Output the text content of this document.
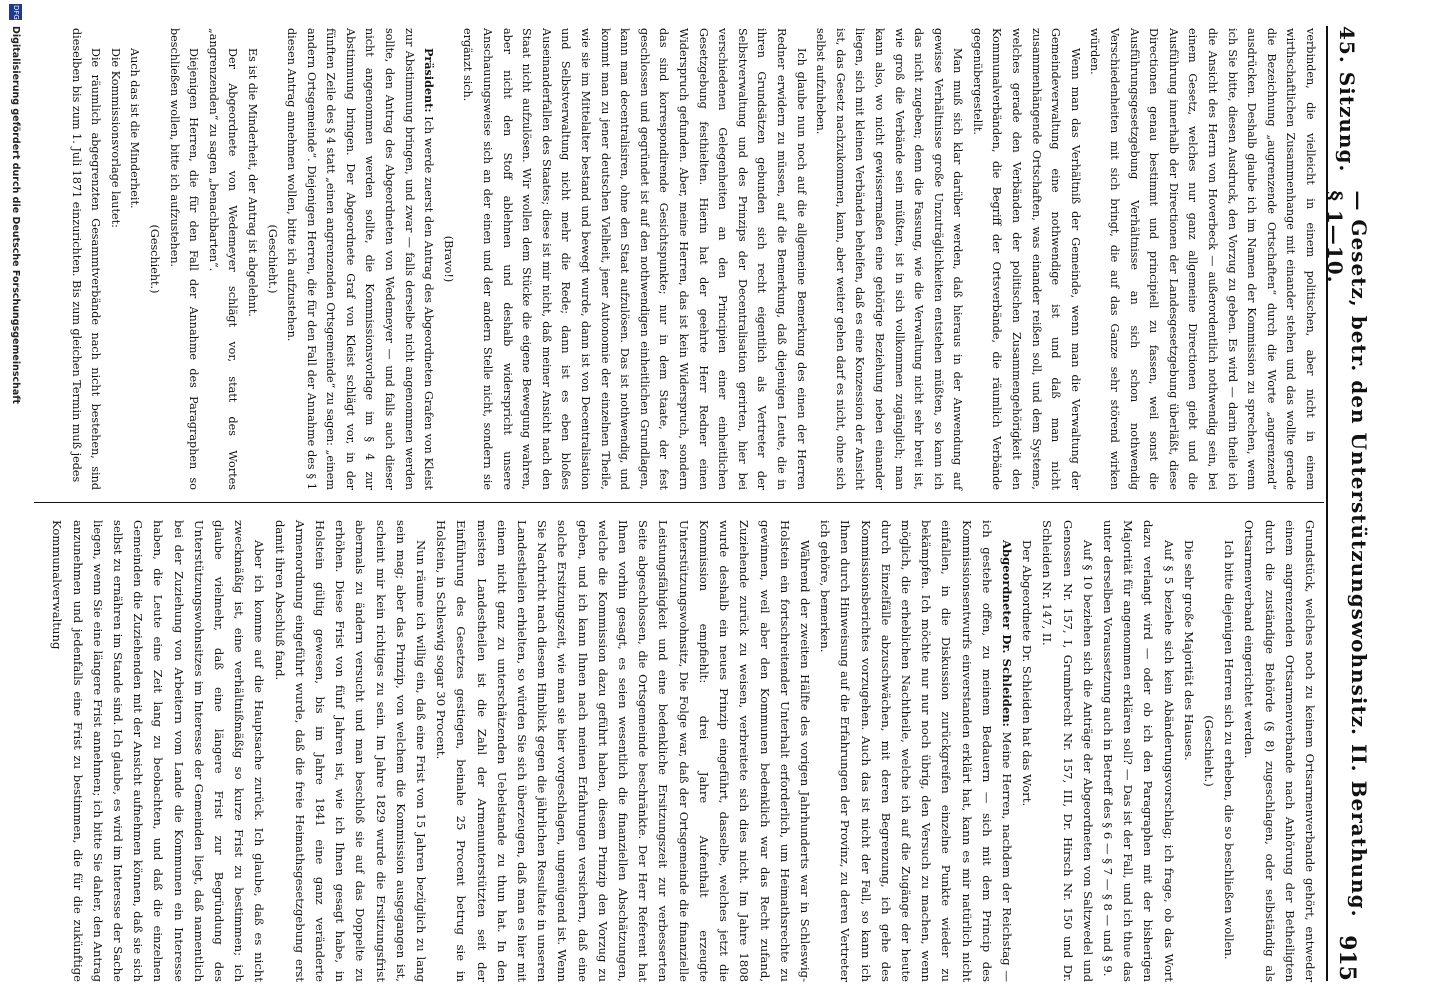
45. Sitzung.
— Gesetz, betr. den Unterstützungswohnsitz. II. Berathung. § 1—10.
915

verbinden, die vielleicht in einem politischen, aber nicht in einem wirthschaftlichen Zusammenhange mit einander stehen und das wollte gerade die Bezeichnung „augrenzende Ortschaften“ durch die Worte „angrenzend“ ausdrücken. Deshalb glaube ich im Namen der Kommission zu sprechen, wenn ich Sie bitte, diesen Ausdruck, den Vorzug zu geben. Es wird — darin theile ich die Ansicht des Herrn von Hoverbeck — außerordentlich nothwendig sein, bei einem Gesetz, welches nur ganz allgemeine Directionen giebt und die Ausführung innerhalb der Directionen der Landesgesetzgebung überläßt, diese Directionen genau bestimmt und principiell zu fassen, weil sonst die Ausführungsgesetzgebung Verhältnisse an sich schon nothwendig Verschiedenheiten mit sich bringt, die auf das Ganze sehr störend wirken würden.

Wenn man das Verhältniß der Gemeinde, wenn man die Verwaltung der Gemeindeverwaltung eine nothwendige ist und daß man nicht zusammenhängende Ortschaften, was einander reißen soll, und dem Systeme, welches gerade den Verbänden der politischen Zusammengehörigkeit den Kommunalverbänden, die Begriff der Ortsverbände, die räumlich Verbände gegenübergestellt.

Man muß sich klar darüber werden, daß hieraus in der Anwendung auf gewisse Verhältnisse große Unzuträglichkeiten entstehen müßten, so kann ich das nicht zugeben; denn die Fassung, wie die Verwaltung nicht sehr breit ist, wie groß die Verbände sein müßten, ist in sich vollkommen zugänglich; man kann also, wo nicht gewissermaßen eine gehörige Beziehung neben einander liegen, sich mit kleinen Verbänden behelfen, daß es eine Konzession der Ansicht ist, das Gesetz nachzukommen, kann, aber weiter gehen darf es nicht, ohne sich selbst aufzuheben.

Ich glaube nun noch auf die allgemeine Bemerkung des einen der Herren Redner erwidern zu müssen, auf die Bemerkung, daß diejenigen Leute, die in ihren Grundsätzen gebunden sich recht eigentlich als Vertreter der Selbstverwaltung und des Prinzips der Decentralisation gerirten, hier bei verschiedenen Gelegenheiten an den Principien einer einheitlichen Gesetzgebung festhielten. Hierin hat der geehrte Herr Redner einen Widerspruch gefunden. Aber, meine Herren, das ist kein Widerspruch, sondern das sind korrespondirende Gesichtspunkte; nur in dem Staate, der fest geschlossen und gegründet ist auf den nothwendigen einheitlichen Grundlagen, kann man decentralisiren, ohne den Staat aufzulösen. Das ist nothwendig, und kommt man zu jener deutschen Vielheit, jener Autonomie der einzelnen Theile, wie sie im Mittelalter bestand und bewegt wurde, dann ist von Decentralisation und Selbstverwaltung nicht mehr die Rede; dann ist es eben bloßes Auseinanderfallen des Staates; diese ist mir nicht, daß meiner Ansicht nach den Staat nicht aufzulösen. Wir wollen dem Stücke die eigene Bewegung wahren, aber nicht den Stoff ablehnen und deshalb widerspricht unsere Anschauungsweise sich an der einen und der andern Stelle nicht, sondern sie ergänzt sich.

(Bravo!)

Präsident: Ich werde zuerst den Antrag des Abgeordneten Grafen von Kleist zur Abstimmung bringen, und zwar — falls derselbe nicht angenommen werden sollte, den Antrag des Abgeordneten von Wedemeyer — und falls auch dieser nicht angenommen werden sollte, die Kommissionsvorlage im § 4 zur Abstimmung bringen. Der Abgeordnete Graf von Kleist schlägt vor, in der fünften Zeile des § 4 statt „einen angrenzenden Ortsgemeinde“ zu sagen: „einem andern Ortsgemeinde“. Diejenigen Herren, die für den Fall der Annahme des § 1 diesen Antrag annehmen wollen, bitte ich aufzustehen.

(Geschieht.)

Es ist die Minderheit, der Antrag ist abgelehnt.

Der Abgeordnete von Wedemeyer schlägt vor, statt des Wortes „angrenzenden“ zu sagen „benachbarten“.

Diejenigen Herren, die für den Fall der Annahme des Paragraphen so beschließen wollen, bitte ich aufzustehen.

(Geschieht.)

Auch das ist die Minderheit.

Die Kommissionsvorlage lautet:

Die räumlich abgegrenzten Gesammtverbände nach nicht bestehen, sind dieselben bis zum 1. Juli 1871 einzurichten. Bis zum gleichen Termin muß jedes

Grundstück, welches noch zu keinem Ortsarmenverbande gehört, entweder einem angrenzenden Ortsarmenverbande nach Anhörung der Betheiligten durch die zuständige Behörde (§ 8) zugeschlagen, oder selbständig als Ortsarmenverband eingerichtet werden.

Ich bitte diejenigen Herren sich zu erheben, die so beschließen wollen.

(Geschieht.)

Die sehr große Majorität des Hauses.

Auf § 5 beziehe sich kein Abänderungsvorschlag; ich frage, ob das Wort dazu verlangt wird — oder ob ich den Paragraphen mit der bisherigen Majorität für angenommen erklären soll? — Das ist der Fall, und ich thue das unter derselben Voraussetzung auch in Betreff des § 6 — § 7 — § 8 — und § 9.

Auf § 10 beziehen sich die Anträge der Abgeordneten von Saltzwedel und Genossen Nr. 157, I, Grumbrecht Nr. 157, III, Dr. Hirsch Nr. 150 und Dr. Schleiden Nr. 147, II.

Der Abgeordnete Dr. Schleiden hat das Wort.

Abgeordneter Dr. Schleiden: Meine Herren, nachdem der Reichstag — ich gestehe offen, zu meinem Bedauern — sich mit dem Princip des Kommissionsentwurfs einverstanden erklärt hat, kann es mir natürlich nicht einfallen, in die Diskussion zurückgreifen einzelne Punkte wieder zu bekämpfen. Ich möchte nur nur noch übrig, den Versuch zu machen, wenn möglich, die erheblichen Nachtheile, welche ich auf die Zugänge der heute durch Einzelfälle abzuschwächen, mit deren Begrenzung, ich gehe des Kommissionsberichtes vorzugehen. Auch das ist nicht der Fall, so kann ich Ihnen durch Hinweisung auf die Erfahrungen der Provinz, zu deren Vertreter ich gehöre, bemerken.

Während der zweiten Hälfte des vorigen Jahrhunderts war in Schleswig-Holstein ein fortschreitender Unterhalt erforderlich, um Heimathsrechte zu gewinnen, weil aber den Kommunen bedenklich war das Recht zufand, Zuziehende zurück zu weisen, verbreitete sich dies nicht. Im Jahre 1808 wurde deshalb ein neues Prinzip eingeführt, dasselbe, welches jetzt die Kommission empfiehlt: drei Jahre Aufenthalt erzeugte Unterstützungswohnsitz, Die Folge war, daß der Ortsgemeinde die finanzielle Leistungsfähigkeit und eine bedenkliche Ersitzungszeit zur verbesserten Seite abgeschlossen, die Ortsgemeinde beschränkte. Der Herr Referent hat Ihnen vorhin gesagt, es seien wesentlich die finanziellen Abschätzungen, welche die Kommission dazu geführt haben, diesem Prinzip den Vorzug zu geben, und ich kann Ihnen nach meinen Erfahrungen versichern, daß eine solche Ersitzungszeit, wie man sie hier vorgeschlagen, ungenügend ist. Wenn Sie Nachricht nach diesem Hinblick gegen die jährlichen Resultate in unseren Landestheilen erhielten, so würden Sie sich überzeugen, daß man es hier mit einem nicht ganz zu unterschätzenden Uebelstande zu thun hat. In den meisten Landestheilen ist die Zahl der Armenunterstützten seit der Einführung des Gesetzes gestiegen, beinahe 25 Procent betrug sie in Holstein, in Schleswig sogar 30 Procent.

Nun räume ich willig ein, daß eine Frist von 15 Jahren bezüglich zu lang sein mag; aber das Prinzip, von welchem die Kommission ausgegangen ist, scheint mir kein richtiges zu sein. Im Jahre 1829 wurde die Ersitzungsfrist abermals zu ändern versucht und man beschloß sie auf das Doppelte zu erhöhen. Diese Frist von fünf Jahren ist, wie ich Ihnen gesagt habe, in Holstein gültig gewesen, bis im Jahre 1841 eine ganz veränderte Armenordnung eingeführt wurde, daß die freie Heimathsgesetzgebung erst damit ihren Abschluß fand.

Aber ich komme auf die Hauptsache zurück. Ich glaube, daß es nicht zweckmäßig ist, eine verhältnißmäßig so kurze Frist zu bestimmen; ich glaube vielmehr, daß eine längere Frist zur Begründung des Unterstützungswohnsitzes im Interesse der Gemeinden liegt, daß namentlich bei der Zuziehung von Arbeitern vom Lande die Kommunen ein Interesse haben, die Leute eine Zeit lang zu beobachten, und daß die einzelnen Gemeinden die Zuziehenden mit der Ansicht aufnehmen können, daß sie sich selbst zu ernähren im Stande sind. Ich glaube, es wird im Interesse der Sache liegen, wenn Sie eine längere Frist annehmen; ich bitte Sie daher, den Antrag anzunehmen und jedenfalls eine Frist zu bestimmen, die für die zukünftige Kommunalverwaltung

DFG
Digitalisierung gefördert durch die Deutsche Forschungsgemeinschaft
